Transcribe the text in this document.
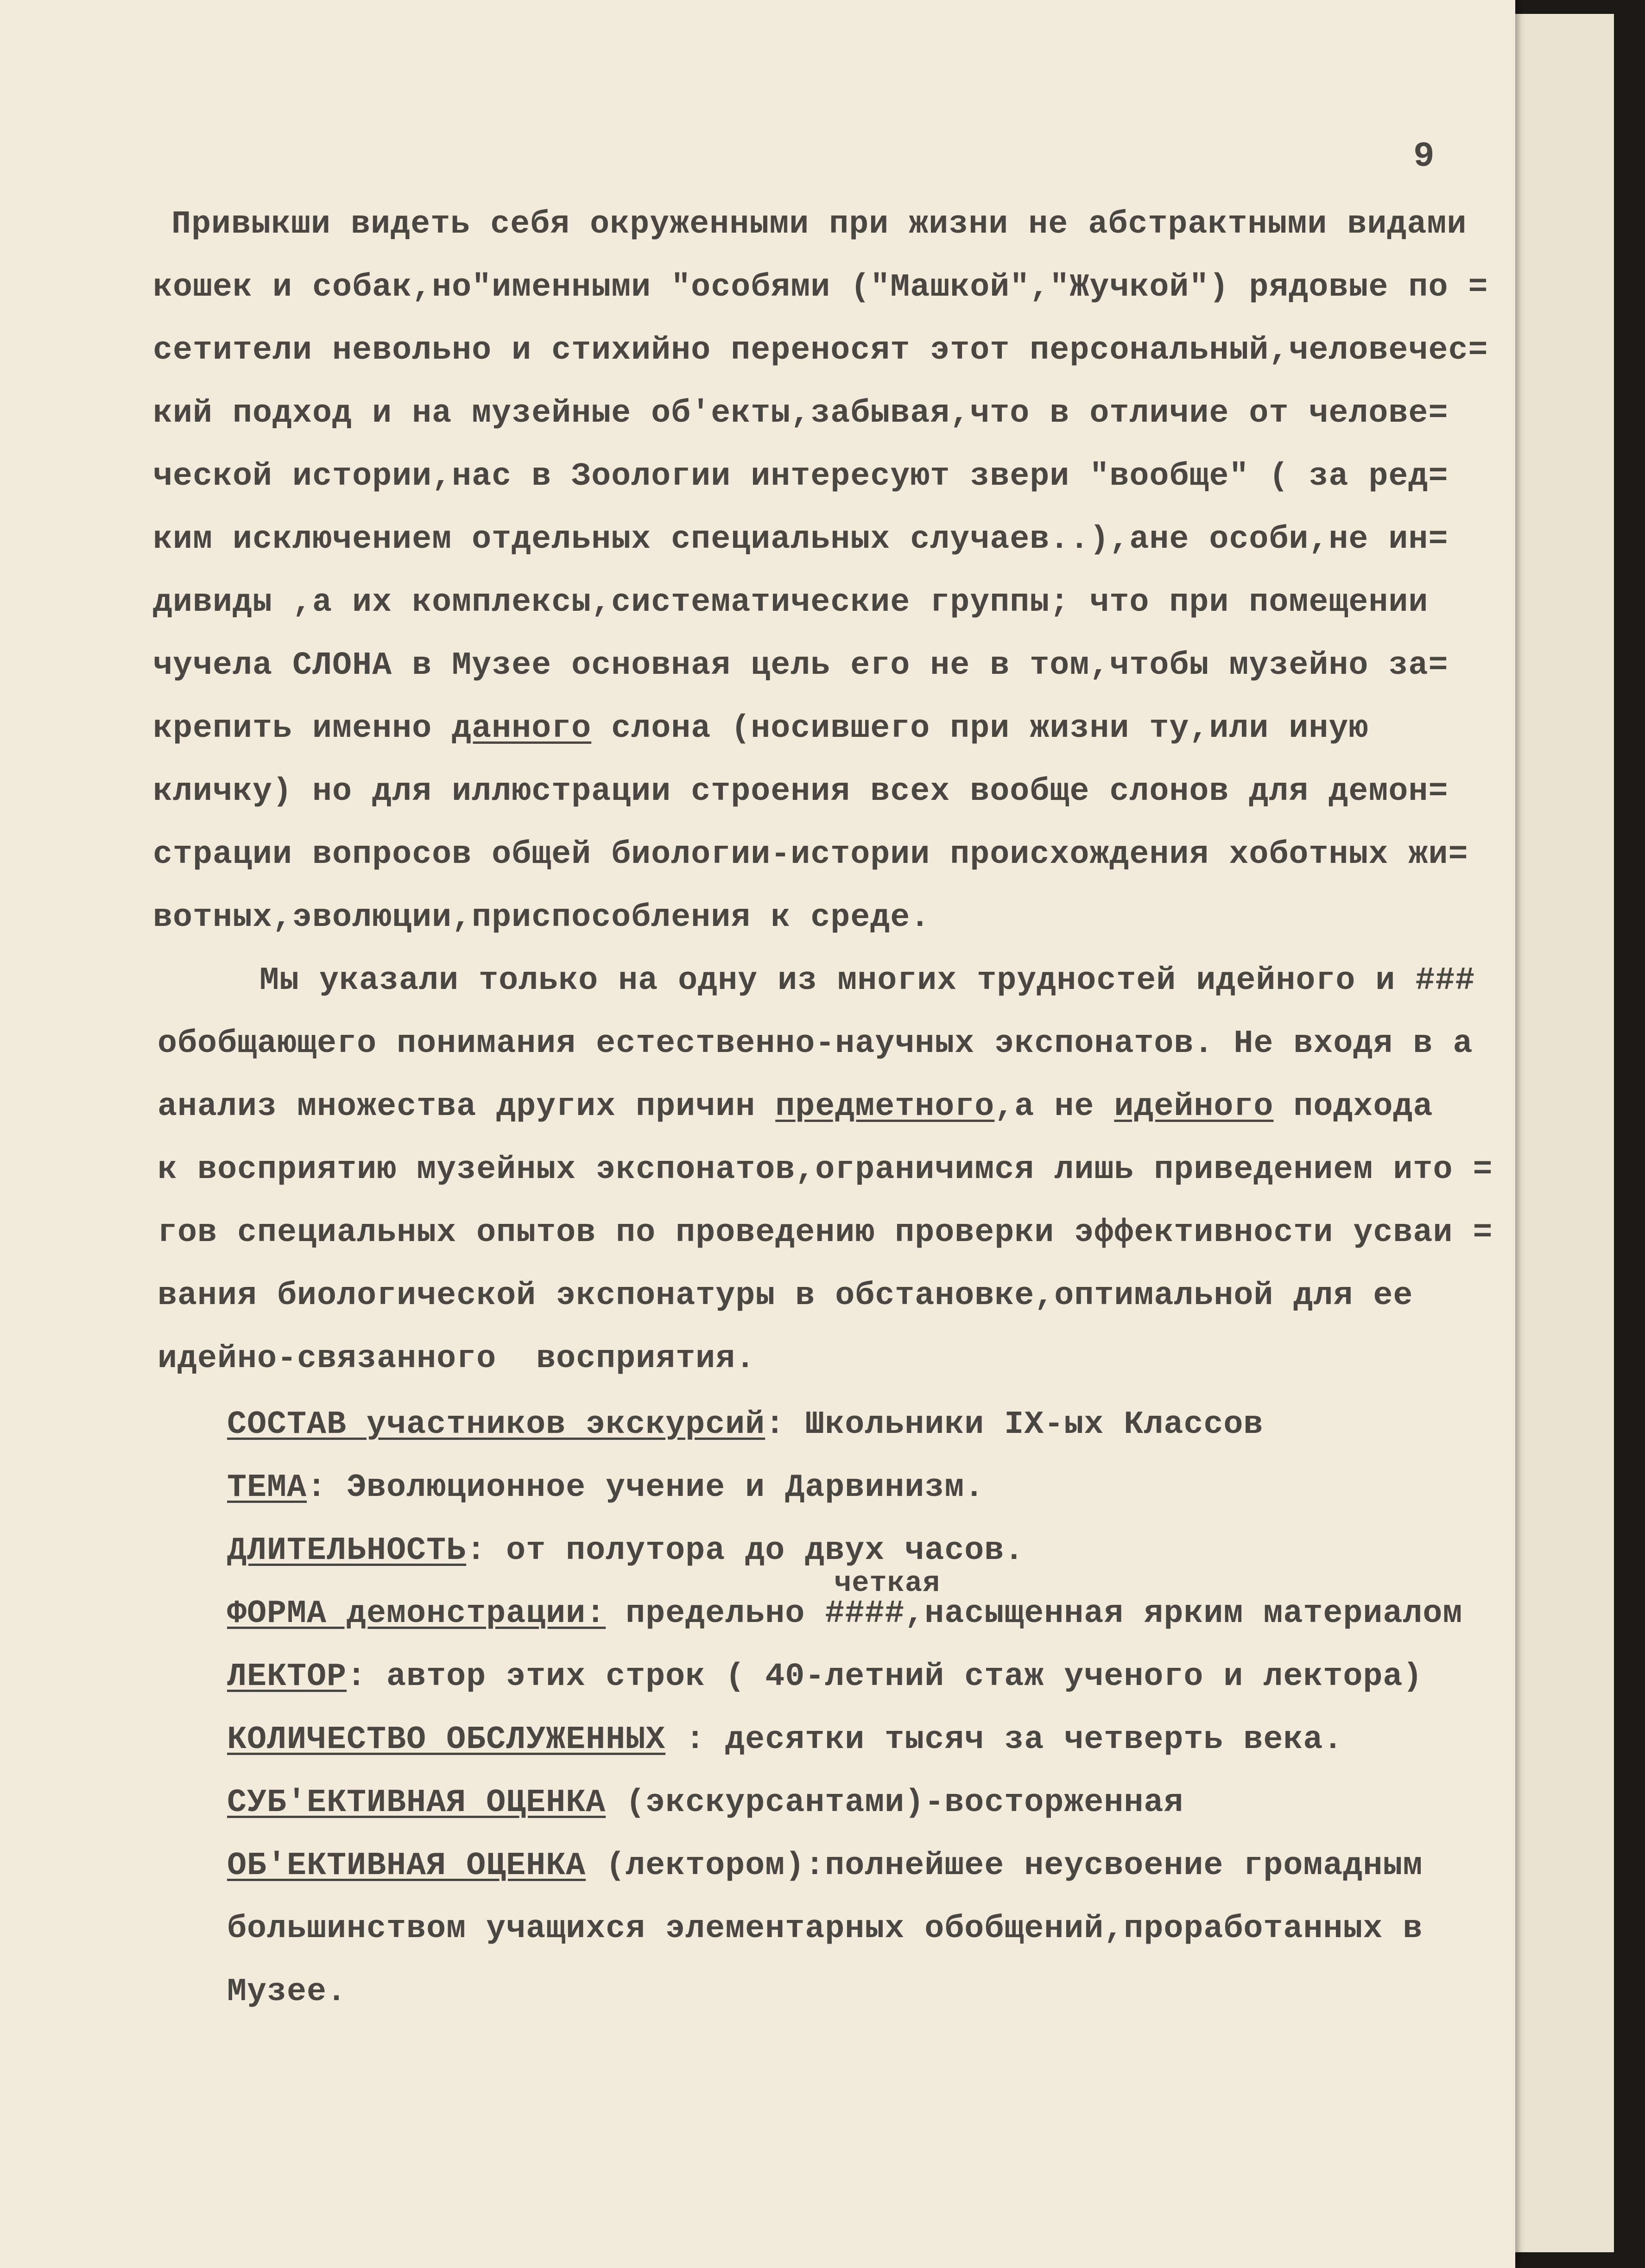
9
Привыкши видеть себя окруженными при жизни не абстрактными видами
кошек и собак,но"именными "особями ("Машкой","Жучкой") рядовые по =
сетители невольно и стихийно переносят этот персональный,человечес=
кий подход и на музейные об'екты,забывая,что в отличие от челове=
ческой истории,нас в Зоологии интересуют звери "вообще" ( за ред=
ким исключением отдельных специальных случаев..),ане особи,не ин=
дивиды ,а их комплексы,систематические группы; что при помещении
чучела СЛОНА в Музее основная цель его не в том,чтобы музейно за=
крепить именно данного слона (носившего при жизни ту,или иную
кличку) но для иллюстрации строения всех вообще слонов для демон=
страции вопросов общей биологии-истории происхождения хоботных жи=
вотных,эволюции,приспособления к среде.
Мы указали только на одну из многих трудностей идейного и ###
обобщающего понимания естественно-научных экспонатов. Не входя в а
анализ множества других причин предметного,а не идейного подхода
к восприятию музейных экспонатов,ограничимся лишь приведением ито =
гов специальных опытов по проведению проверки эффективности усваи =
вания биологической экспонатуры в обстановке,оптимальной для ее
идейно-связанного  восприятия.
СОСТАВ участников экскурсий: Школьники IX-ых Классов
ТЕМА: Эволюционное учение и Дарвинизм.
ДЛИТЕЛЬНОСТЬ: от полутора до двух часов.
четкая
ФОРМА демонстрации: предельно ####,насыщенная ярким материалом
ЛЕКТОР: автор этих строк ( 40-летний стаж ученого и лектора)
КОЛИЧЕСТВО ОБСЛУЖЕННЫХ : десятки тысяч за четверть века.
СУБ'ЕКТИВНАЯ ОЦЕНКА (экскурсантами)-восторженная
ОБ'ЕКТИВНАЯ ОЦЕНКА (лектором):полнейшее неусвоение громадным
большинством учащихся элементарных обобщений,проработанных в
Музее.
